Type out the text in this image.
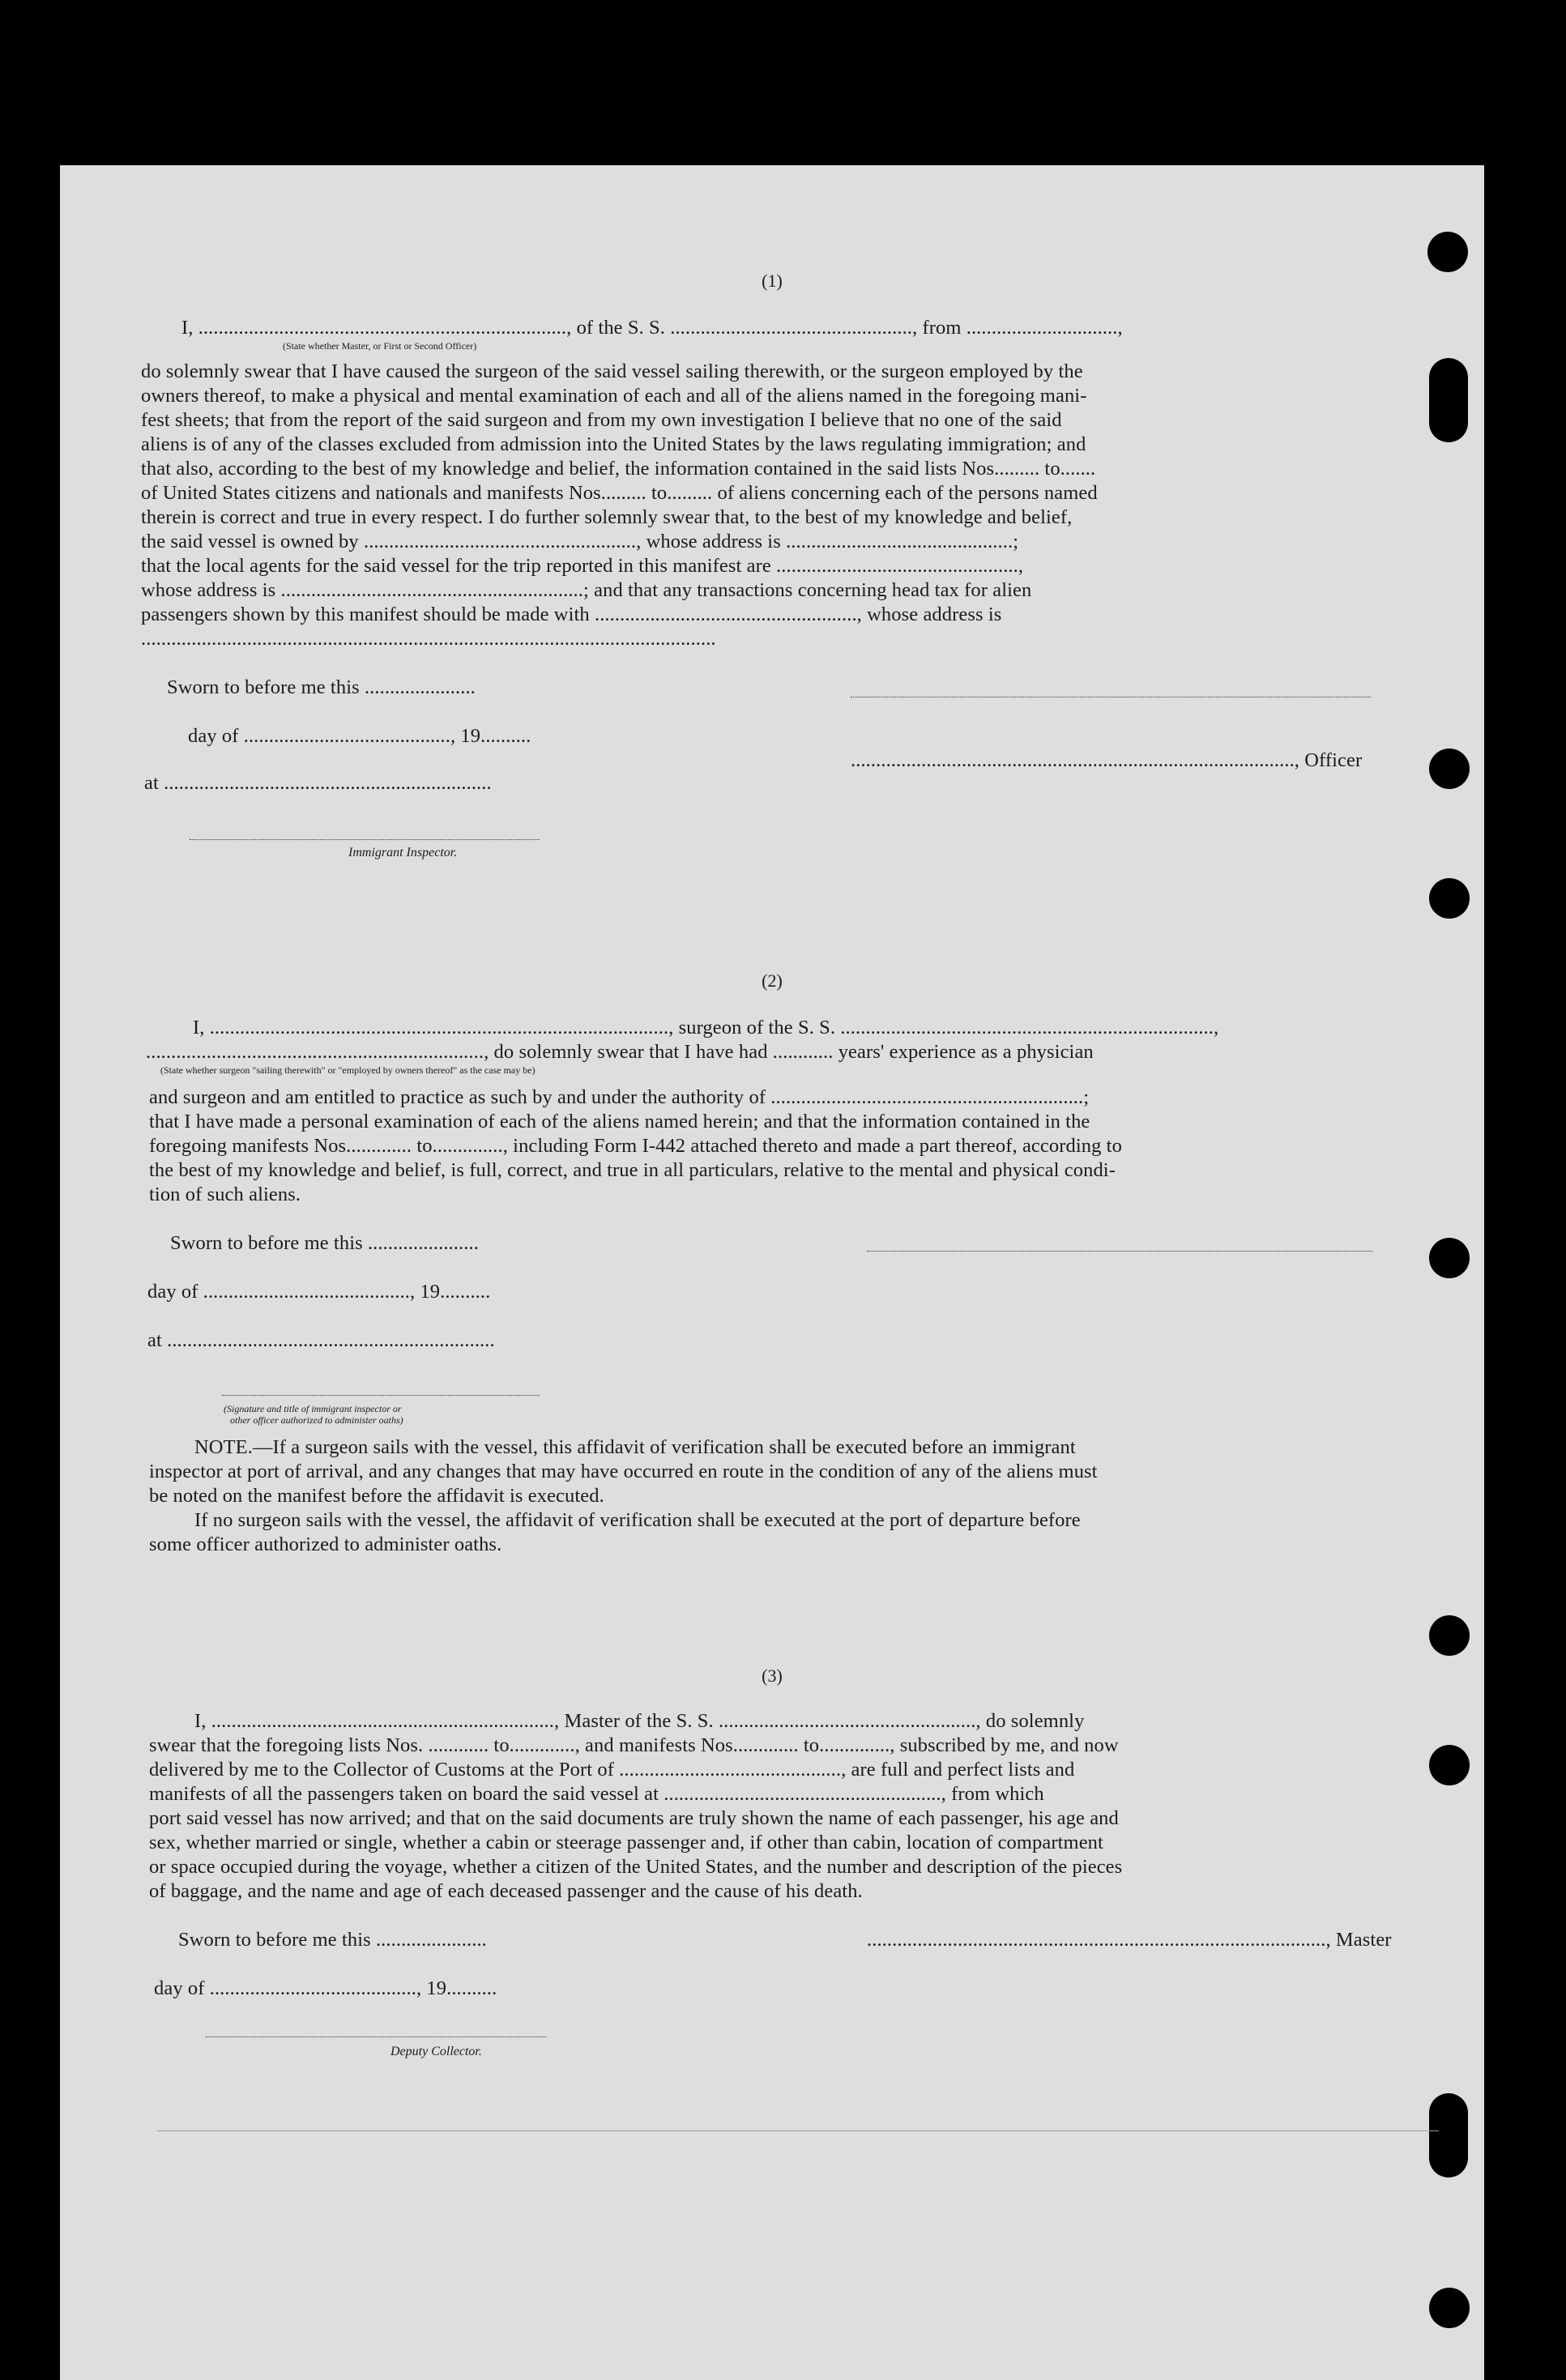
(1)
I, ........................................................................., of the S. S. ................................................, from ..............................,
(State whether Master, or First or Second Officer)
do solemnly swear that I have caused the surgeon of the said vessel sailing therewith, or the surgeon employed by the
owners thereof, to make a physical and mental examination of each and all of the aliens named in the foregoing mani-
fest sheets; that from the report of the said surgeon and from my own investigation I believe that no one of the said
aliens is of any of the classes excluded from admission into the United States by the laws regulating immigration; and
that also, according to the best of my knowledge and belief, the information contained in the said lists Nos......... to.......
of United States citizens and nationals and manifests Nos......... to......... of aliens concerning each of the persons named
therein is correct and true in every respect. I do further solemnly swear that, to the best of my knowledge and belief,
the said vessel is owned by ......................................................, whose address is .............................................;
that the local agents for the said vessel for the trip reported in this manifest are ................................................,
whose address is ............................................................; and that any transactions concerning head tax for alien
passengers shown by this manifest should be made with ...................................................., whose address is
..................................................................................................................
Sworn to before me this ......................
day of ........................................., 19..........
at .................................................................
Immigrant Inspector.
........................................................................................, Officer
(2)
I, ..........................................................................................., surgeon of the S. S. ..........................................................................,
..................................................................., do solemnly swear that I have had ............ years' experience as a physician
(State whether surgeon "sailing therewith" or "employed by owners thereof" as the case may be)
and surgeon and am entitled to practice as such by and under the authority of ..............................................................;
that I have made a personal examination of each of the aliens named herein; and that the information contained in the
foregoing manifests Nos............. to.............., including Form I-442 attached thereto and made a part thereof, according to
the best of my knowledge and belief, is full, correct, and true in all particulars, relative to the mental and physical condi-
tion of such aliens.
Sworn to before me this ......................
day of ........................................., 19..........
at .................................................................
(Signature and title of immigrant inspector or
other officer authorized to administer oaths)
NOTE.—If a surgeon sails with the vessel, this affidavit of verification shall be executed before an immigrant
inspector at port of arrival, and any changes that may have occurred en route in the condition of any of the aliens must
be noted on the manifest before the affidavit is executed.
If no surgeon sails with the vessel, the affidavit of verification shall be executed at the port of departure before
some officer authorized to administer oaths.
(3)
I, ...................................................................., Master of the S. S. ..................................................., do solemnly
swear that the foregoing lists Nos. ............ to............., and manifests Nos............. to.............., subscribed by me, and now
delivered by me to the Collector of Customs at the Port of ............................................, are full and perfect lists and
manifests of all the passengers taken on board the said vessel at ......................................................., from which
port said vessel has now arrived; and that on the said documents are truly shown the name of each passenger, his age and
sex, whether married or single, whether a cabin or steerage passenger and, if other than cabin, location of compartment
or space occupied during the voyage, whether a citizen of the United States, and the number and description of the pieces
of baggage, and the name and age of each deceased passenger and the cause of his death.
Sworn to before me this ......................
day of ........................................., 19..........
..........................................................................................., Master
Deputy Collector.
